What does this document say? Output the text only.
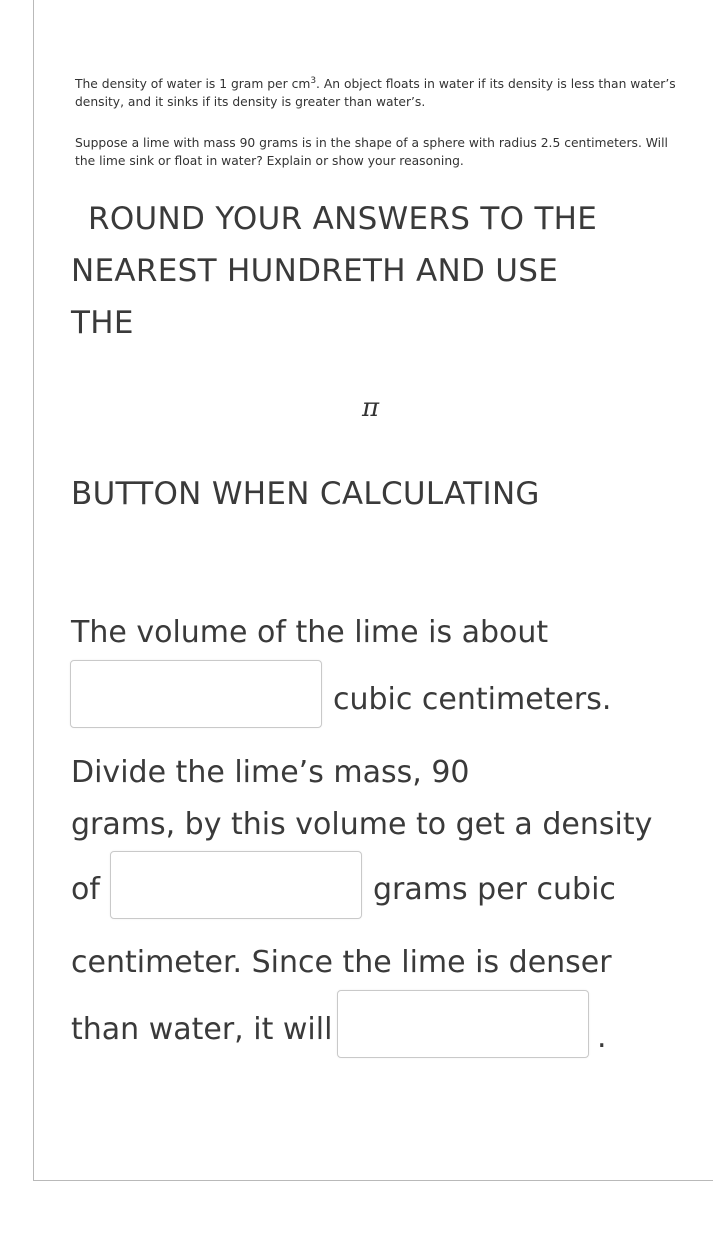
The density of water is 1 gram per $cm^3$. An object floats in water if its density is less than water’s density, and it sinks if its density is greater than water’s.
Suppose a lime with mass 90 grams is in the shape of a sphere with radius 2.5 centimeters. Will the lime sink or float in water? Explain or show your reasoning.
ROUND YOUR ANSWERS TO THE
NEAREST HUNDRETH AND USE
THE
π
BUTTON WHEN CALCULATING
The volume of the lime is about
cubic centimeters.
Divide the lime’s mass, 90
grams, by this volume to get a density
of	grams per cubic
centimeter. Since the lime is denser
than water, it will	.
